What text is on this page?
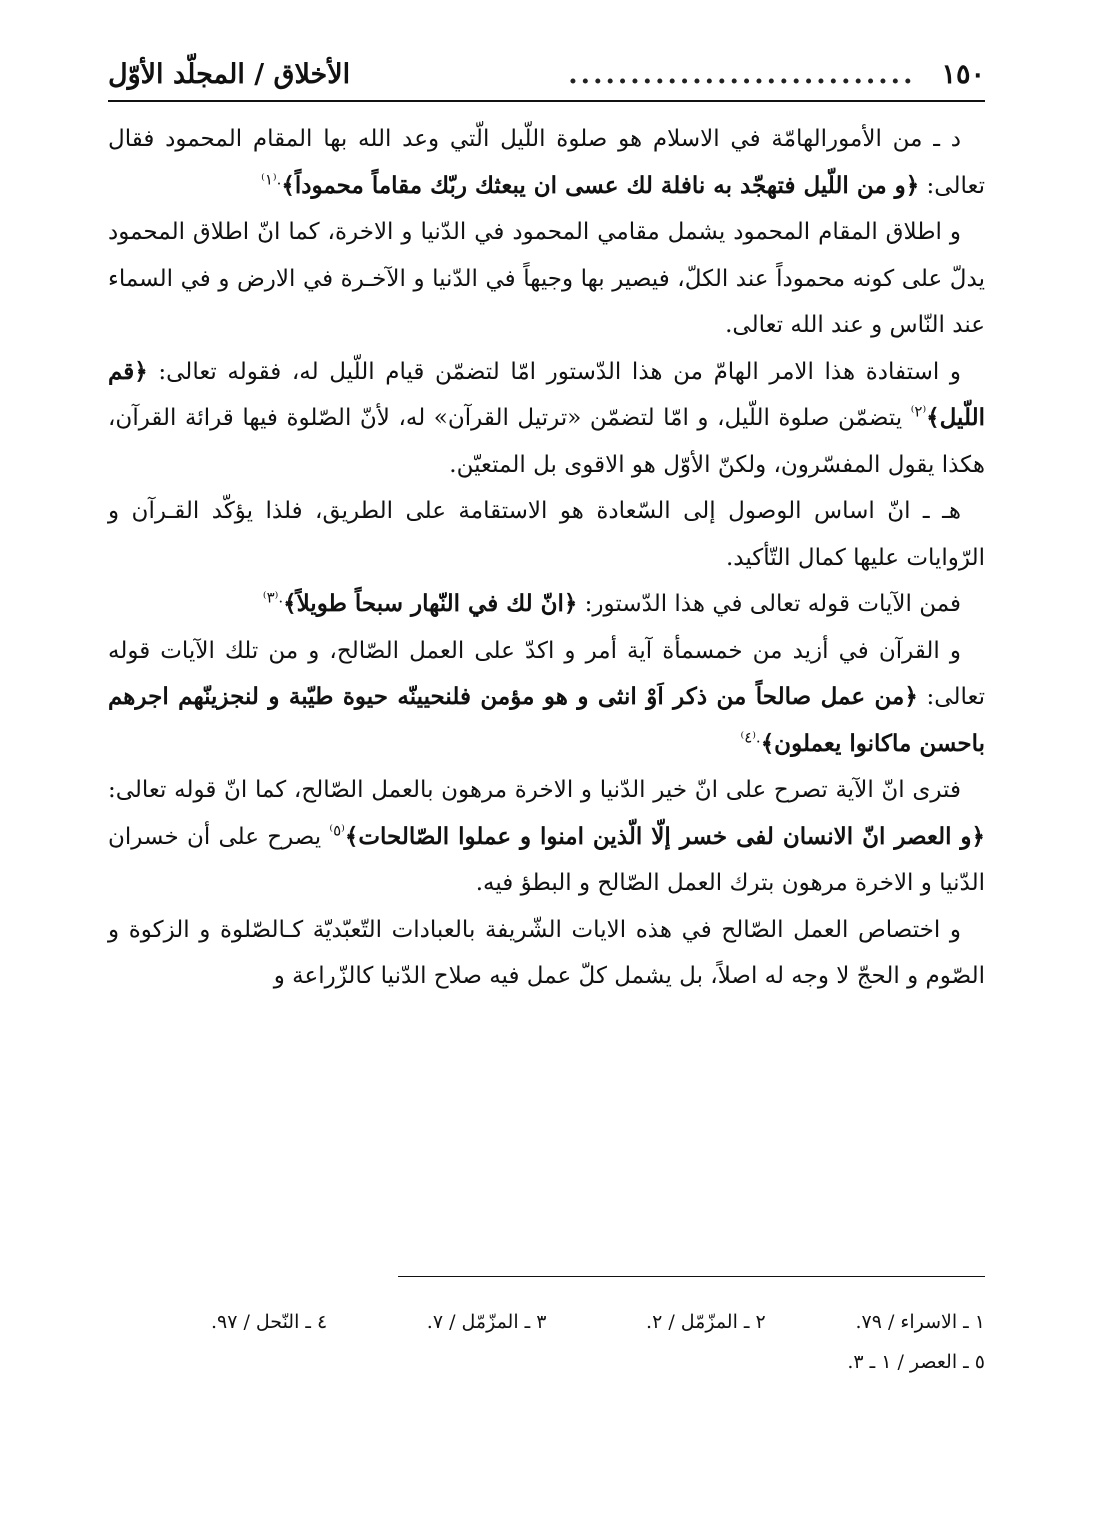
١٥٠
............................
الأخلاق / المجلّد الأوّل

د ـ من الأمورالهامّة في الاسلام هو صلوة اللّيل الّتي وعد الله بها المقام المحمود فقال تعالى: ﴿و من اللّيل فتهجّد به نافلة لك عسى ان يبعثك ربّك مقاماً محموداً﴾$^{.^(١^)}$

و اطلاق المقام المحمود يشمل مقامي المحمود في الدّنيا و الاخرة، كما انّ اطلاق المحمود يدلّ على كونه محموداً عند الكلّ، فيصير بها وجيهاً في الدّنيا و الآخـرة في الارض و في السماء عند النّاس و عند الله تعالى.

و استفادة هذا الامر الهامّ من هذا الدّستور امّا لتضمّن قيام اللّيل له، فقوله تعالى: ﴿قم اللّيل﴾$^{^(٢^)}$ يتضمّن صلوة اللّيل، و امّا لتضمّن «ترتيل القرآن» له، لأنّ الصّلوة فيها قرائة القرآن، هكذا يقول المفسّرون، ولكنّ الأوّل هو الاقوى بل المتعيّن.

هـ ـ انّ اساس الوصول إلى السّعادة هو الاستقامة على الطريق، فلذا يؤكّد القـرآن و الرّوايات عليها كمال التّأكيد.

فمن الآيات قوله تعالى في هذا الدّستور: ﴿انّ لك في النّهار سبحاً طويلاً﴾$^{.^(٣^)}$

و القرآن في أزيد من خمسمأة آية أمر و اكدّ على العمل الصّالح، و من تلك الآيات قوله تعالى: ﴿من عمل صالحاً من ذكر اَوْ انثى و هو مؤمن فلنحيينّه حيوة طيّبة و لنجزينّهم اجرهم باحسن ماكانوا يعملون﴾$^{.^(٤^)}$

فترى انّ الآية تصرح على انّ خير الدّنيا و الاخرة مرهون بالعمل الصّالح، كما انّ قوله تعالى: ﴿و العصر انّ الانسان لفى خسر إلّا الّذين امنوا و عملوا الصّالحات﴾$^{^(٥^)}$ يصرح على أن خسران الدّنيا و الاخرة مرهون بترك العمل الصّالح و البطؤ فيه.

و اختصاص العمل الصّالح في هذه الايات الشّريفة بالعبادات التّعبّديّة كـالصّلوة و الزكوة و الصّوم و الحجّ لا وجه له اصلاً، بل يشمل كلّ عمل فيه صلاح الدّنيا كالزّراعة و

١ ـ الاسراء / ٧٩.
٢ ـ المزّمّل / ٢.
٣ ـ المزّمّل / ٧.
٤ ـ النّحل / ٩٧.
٥ ـ العصر / ١ ـ ٣.
